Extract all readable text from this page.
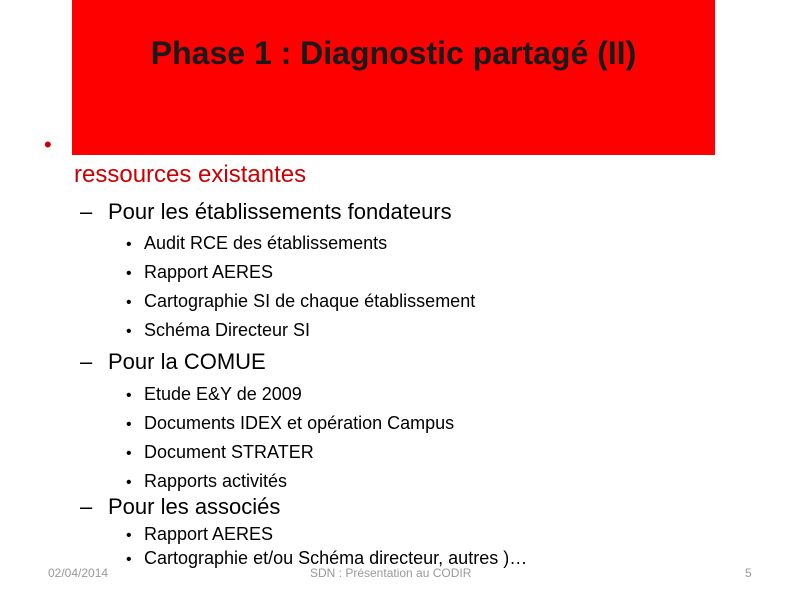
•
ressources existantes
– Pour les établissements fondateurs
• Audit RCE des établissements
• Rapport AERES
• Cartographie SI de chaque établissement
• Schéma Directeur SI
– Pour la COMUE
• Etude E&Y de 2009
• Documents IDEX et opération Campus
• Document STRATER
• Rapports activités
– Pour les associés
• Rapport AERES
• Cartographie et/ou Schéma directeur, autres )…
Phase 1 : Diagnostic partagé (II)
02/04/2014	SDN : Présentation au CODIR	5
